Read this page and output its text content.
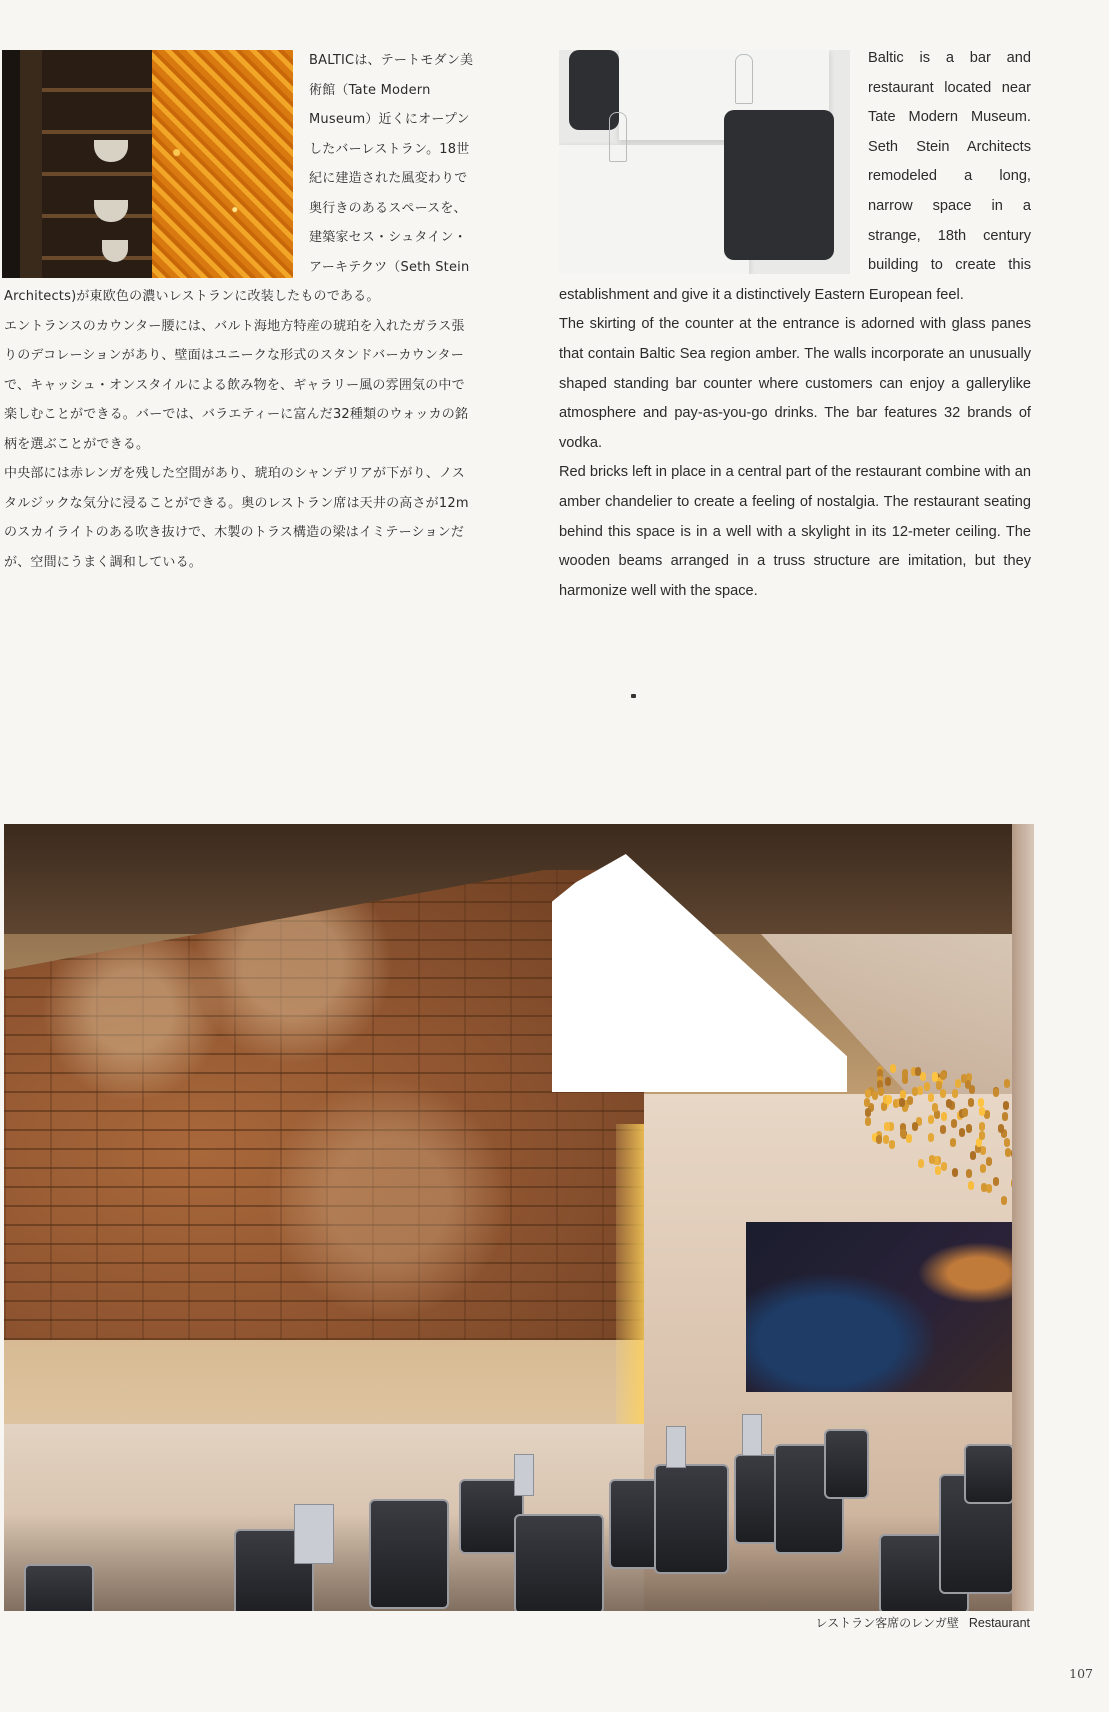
BALTICは、テートモダン美術館（Tate Modern Museum）近くにオープンしたバーレストラン。18世紀に建造された風変わりで奥行きのあるスペースを、建築家セス・シュタイン・アーキテクツ（Seth Stein Architects)が東欧色の濃いレストランに改装したものである。

エントランスのカウンター腰には、バルト海地方特産の琥珀を入れたガラス張りのデコレーションがあり、壁面はユニークな形式のスタンドバーカウンターで、キャッシュ・オンスタイルによる飲み物を、ギャラリー風の雰囲気の中で楽しむことができる。バーでは、バラエティーに富んだ32種類のウォッカの銘柄を選ぶことができる。

中央部には赤レンガを残した空間があり、琥珀のシャンデリアが下がり、ノスタルジックな気分に浸ることができる。奥のレストラン席は天井の高さが12mのスカイライトのある吹き抜けで、木製のトラス構造の梁はイミテーションだが、空間にうまく調和している。

Baltic is a bar and restaurant located near Tate Modern Museum. Seth Stein Architects remodeled a long, narrow space in a strange, 18th century building to create this establishment and give it a distinctively Eastern European feel.

The skirting of the counter at the entrance is adorned with glass panes that contain Baltic Sea region amber. The walls incorporate an unusually shaped standing bar counter where customers can enjoy a gallerylike atmosphere and pay-as-you-go drinks. The bar features 32 brands of vodka.

Red bricks left in place in a central part of the restaurant combine with an amber chandelier to create a feeling of nostalgia. The restaurant seating behind this space is in a well with a skylight in its 12-meter ceiling. The wooden beams arranged in a truss structure are imitation, but they harmonize well with the space.

レストラン客席のレンガ壁 Restaurant
107
